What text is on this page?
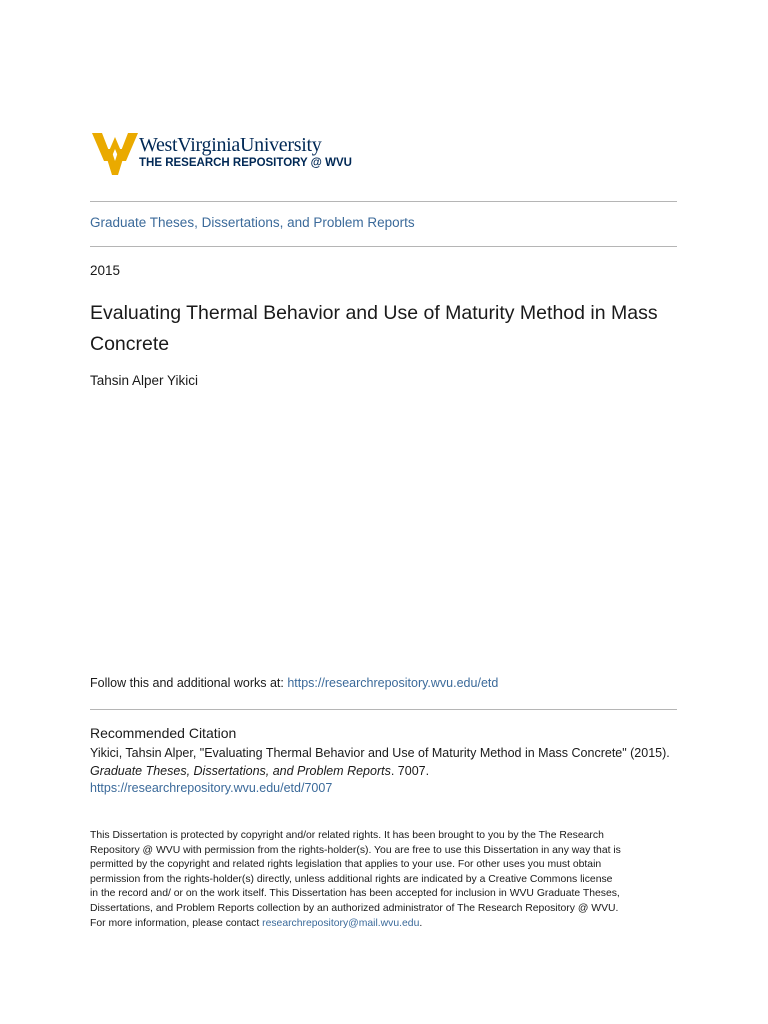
WestVirginiaUniversity
THE RESEARCH REPOSITORY @ WVU
Graduate Theses, Dissertations, and Problem Reports
2015
Evaluating Thermal Behavior and Use of Maturity Method in Mass Concrete
Tahsin Alper Yikici
Follow this and additional works at: https://researchrepository.wvu.edu/etd
Recommended Citation
Yikici, Tahsin Alper, "Evaluating Thermal Behavior and Use of Maturity Method in Mass Concrete" (2015).
Graduate Theses, Dissertations, and Problem Reports. 7007.
https://researchrepository.wvu.edu/etd/7007
This Dissertation is protected by copyright and/or related rights. It has been brought to you by the The Research
Repository @ WVU with permission from the rights-holder(s). You are free to use this Dissertation in any way that is
permitted by the copyright and related rights legislation that applies to your use. For other uses you must obtain
permission from the rights-holder(s) directly, unless additional rights are indicated by a Creative Commons license
in the record and/ or on the work itself. This Dissertation has been accepted for inclusion in WVU Graduate Theses,
Dissertations, and Problem Reports collection by an authorized administrator of The Research Repository @ WVU.
For more information, please contact researchrepository@mail.wvu.edu.
